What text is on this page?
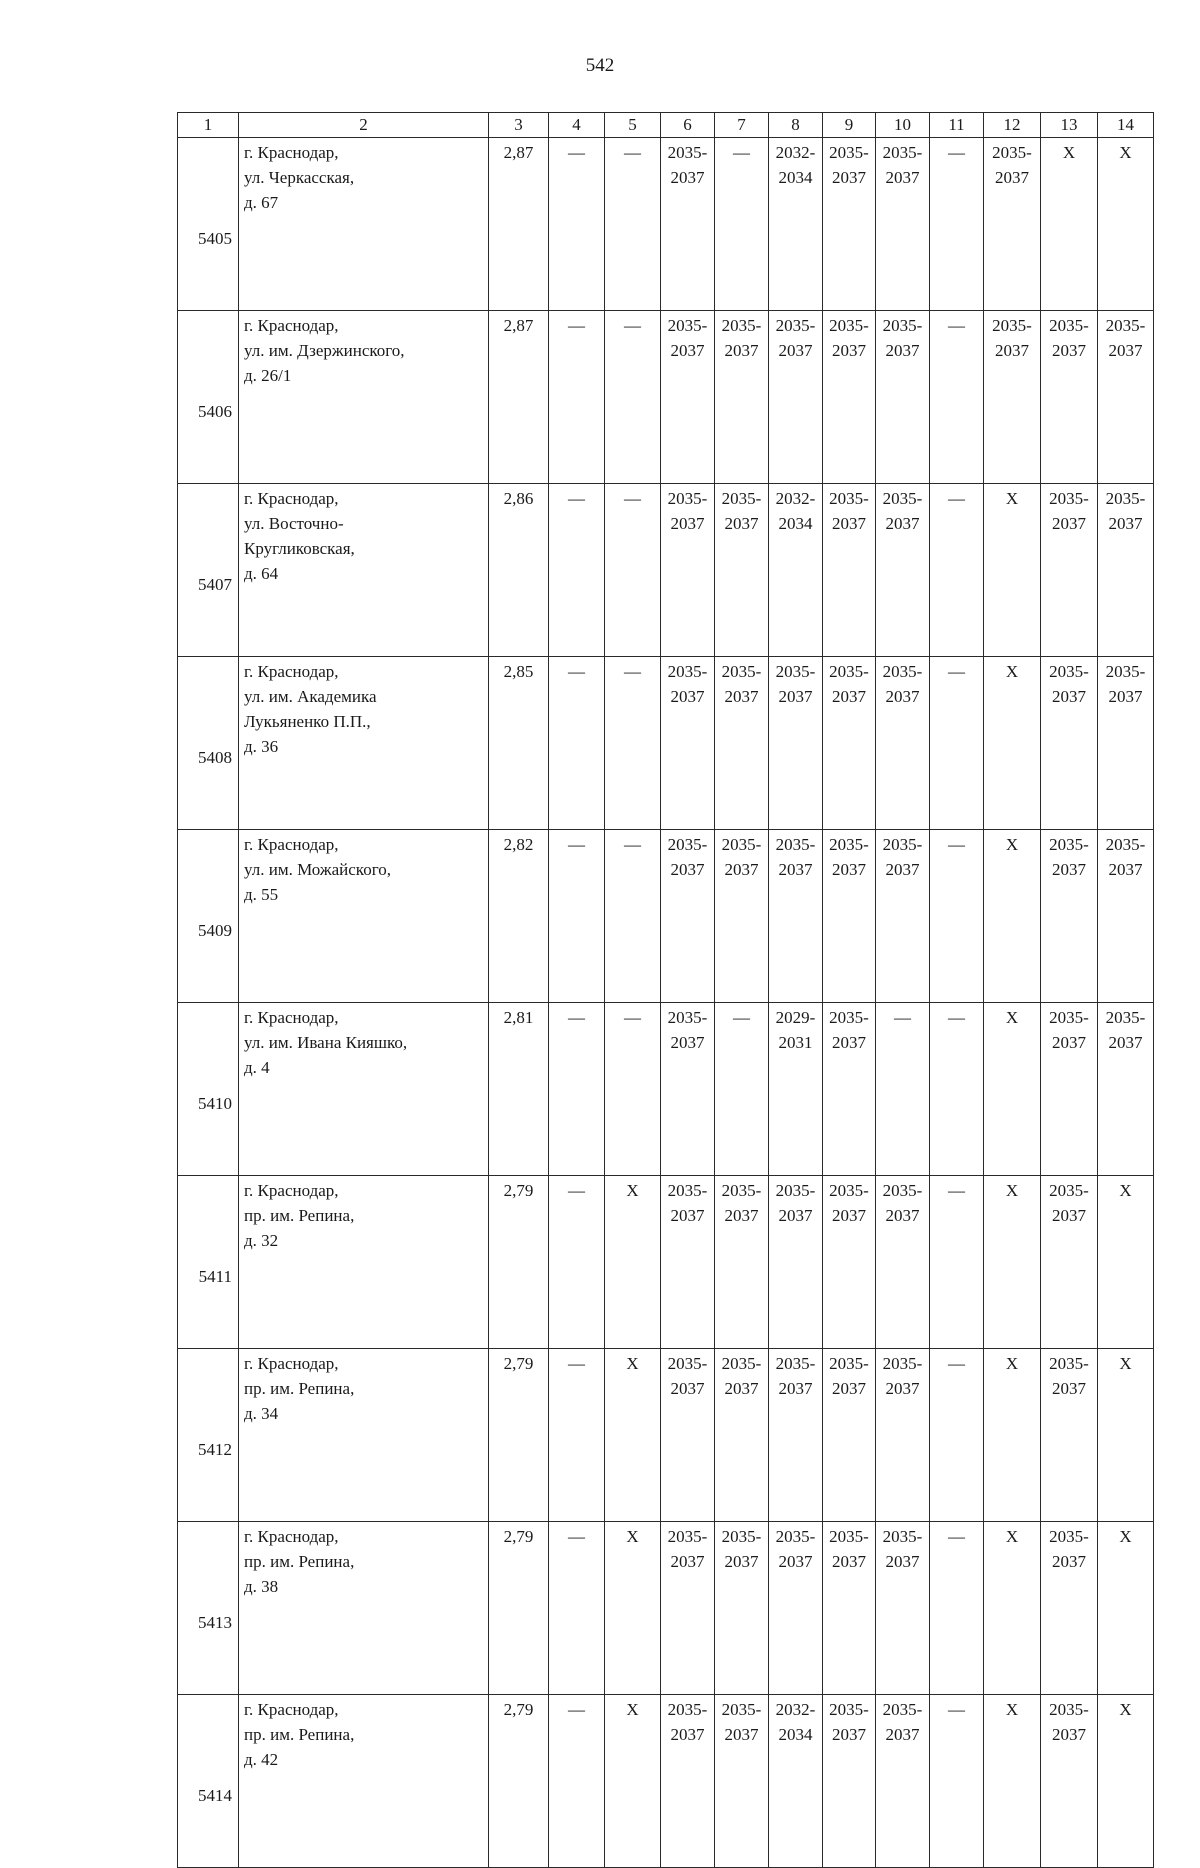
542
1	2	3	4	5	6	7	8	9	10	11	12	13	14
5405	г. Краснодар,
ул. Черкасская,
д. 67	2,87	—	—	2035-
2037	—	2032-
2034	2035-
2037	2035-
2037	—	2035-
2037	Х	Х
5406	г. Краснодар,
ул. им. Дзержинского,
д. 26/1	2,87	—	—	2035-
2037	2035-
2037	2035-
2037	2035-
2037	2035-
2037	—	2035-
2037	2035-
2037	2035-
2037

5407	г. Краснодар,
ул. Восточно-
Кругликовская,
д. 64	2,86	—	—	2035-
2037	2035-
2037	2032-
2034	2035-
2037	2035-
2037	—	Х	2035-
2037	2035-
2037

5408	г. Краснодар,
ул. им. Академика
Лукьяненко П.П.,
д. 36	2,85	—	—	2035-
2037	2035-
2037	2035-
2037	2035-
2037	2035-
2037	—	Х	2035-
2037	2035-
2037

5409	г. Краснодар,
ул. им. Можайского,
д. 55	2,82	—	—	2035-
2037	2035-
2037	2035-
2037	2035-
2037	2035-
2037	—	Х	2035-
2037	2035-
2037

5410	г. Краснодар,
ул. им. Ивана Кияшко,
д. 4	2,81	—	—	2035-
2037	—	2029-
2031	2035-
2037	—	—	Х	2035-
2037	2035-
2037

5411	г. Краснодар,
пр. им. Репина,
д. 32	2,79	—	Х	2035-
2037	2035-
2037	2035-
2037	2035-
2037	2035-
2037	—	Х	2035-
2037	Х
5412	г. Краснодар,
пр. им. Репина,
д. 34	2,79	—	Х	2035-
2037	2035-
2037	2035-
2037	2035-
2037	2035-
2037	—	Х	2035-
2037	Х
5413	г. Краснодар,
пр. им. Репина,
д. 38	2,79	—	Х	2035-
2037	2035-
2037	2035-
2037	2035-
2037	2035-
2037	—	Х	2035-
2037	Х
5414	г. Краснодар,
пр. им. Репина,
д. 42	2,79	—	Х	2035-
2037	2035-
2037	2032-
2034	2035-
2037	2035-
2037	—	Х	2035-
2037	Х
